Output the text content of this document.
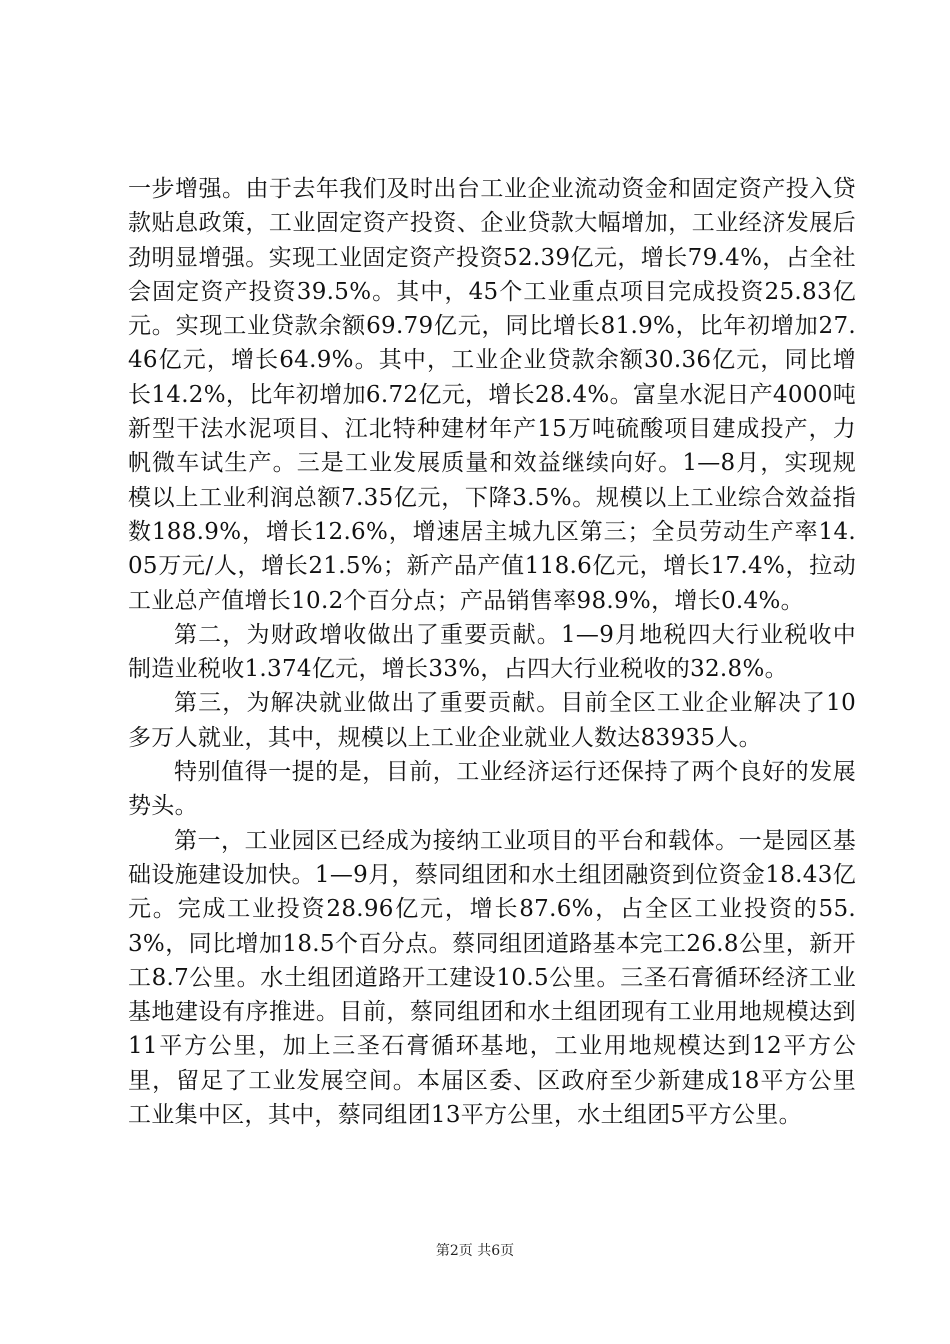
一步增强。由于去年我们及时出台工业企业流动资金和固定资产投入贷款贴息政策，工业固定资产投资、企业贷款大幅增加，工业经济发展后劲明显增强。实现工业固定资产投资52.39亿元，增长79.4%，占全社会固定资产投资39.5%。其中，45个工业重点项目完成投资25.83亿元。实现工业贷款余额69.79亿元，同比增长81.9%，比年初增加27.46亿元，增长64.9%。其中，工业企业贷款余额30.36亿元，同比增长14.2%，比年初增加6.72亿元，增长28.4%。富皇水泥日产4000吨新型干法水泥项目、江北特种建材年产15万吨硫酸项目建成投产，力帆微车试生产。三是工业发展质量和效益继续向好。1—8月，实现规模以上工业利润总额7.35亿元，下降3.5%。规模以上工业综合效益指数188.9%，增长12.6%，增速居主城九区第三；全员劳动生产率14.05万元/人，增长21.5%；新产品产值118.6亿元，增长17.4%，拉动工业总产值增长10.2个百分点；产品销售率98.9%，增长0.4%。

第二，为财政增收做出了重要贡献。1—9月地税四大行业税收中制造业税收1.374亿元，增长33%，占四大行业税收的32.8%。

第三，为解决就业做出了重要贡献。目前全区工业企业解决了10多万人就业，其中，规模以上工业企业就业人数达83935人。

特别值得一提的是，目前，工业经济运行还保持了两个良好的发展势头。

第一，工业园区已经成为接纳工业项目的平台和载体。一是园区基础设施建设加快。1—9月，蔡同组团和水土组团融资到位资金18.43亿元。完成工业投资28.96亿元，增长87.6%，占全区工业投资的55.3%，同比增加18.5个百分点。蔡同组团道路基本完工26.8公里，新开工8.7公里。水土组团道路开工建设10.5公里。三圣石膏循环经济工业基地建设有序推进。目前，蔡同组团和水土组团现有工业用地规模达到11平方公里，加上三圣石膏循环基地，工业用地规模达到12平方公里，留足了工业发展空间。本届区委、区政府至少新建成18平方公里工业集中区，其中，蔡同组团13平方公里，水土组团5平方公里。

第2页 共6页
